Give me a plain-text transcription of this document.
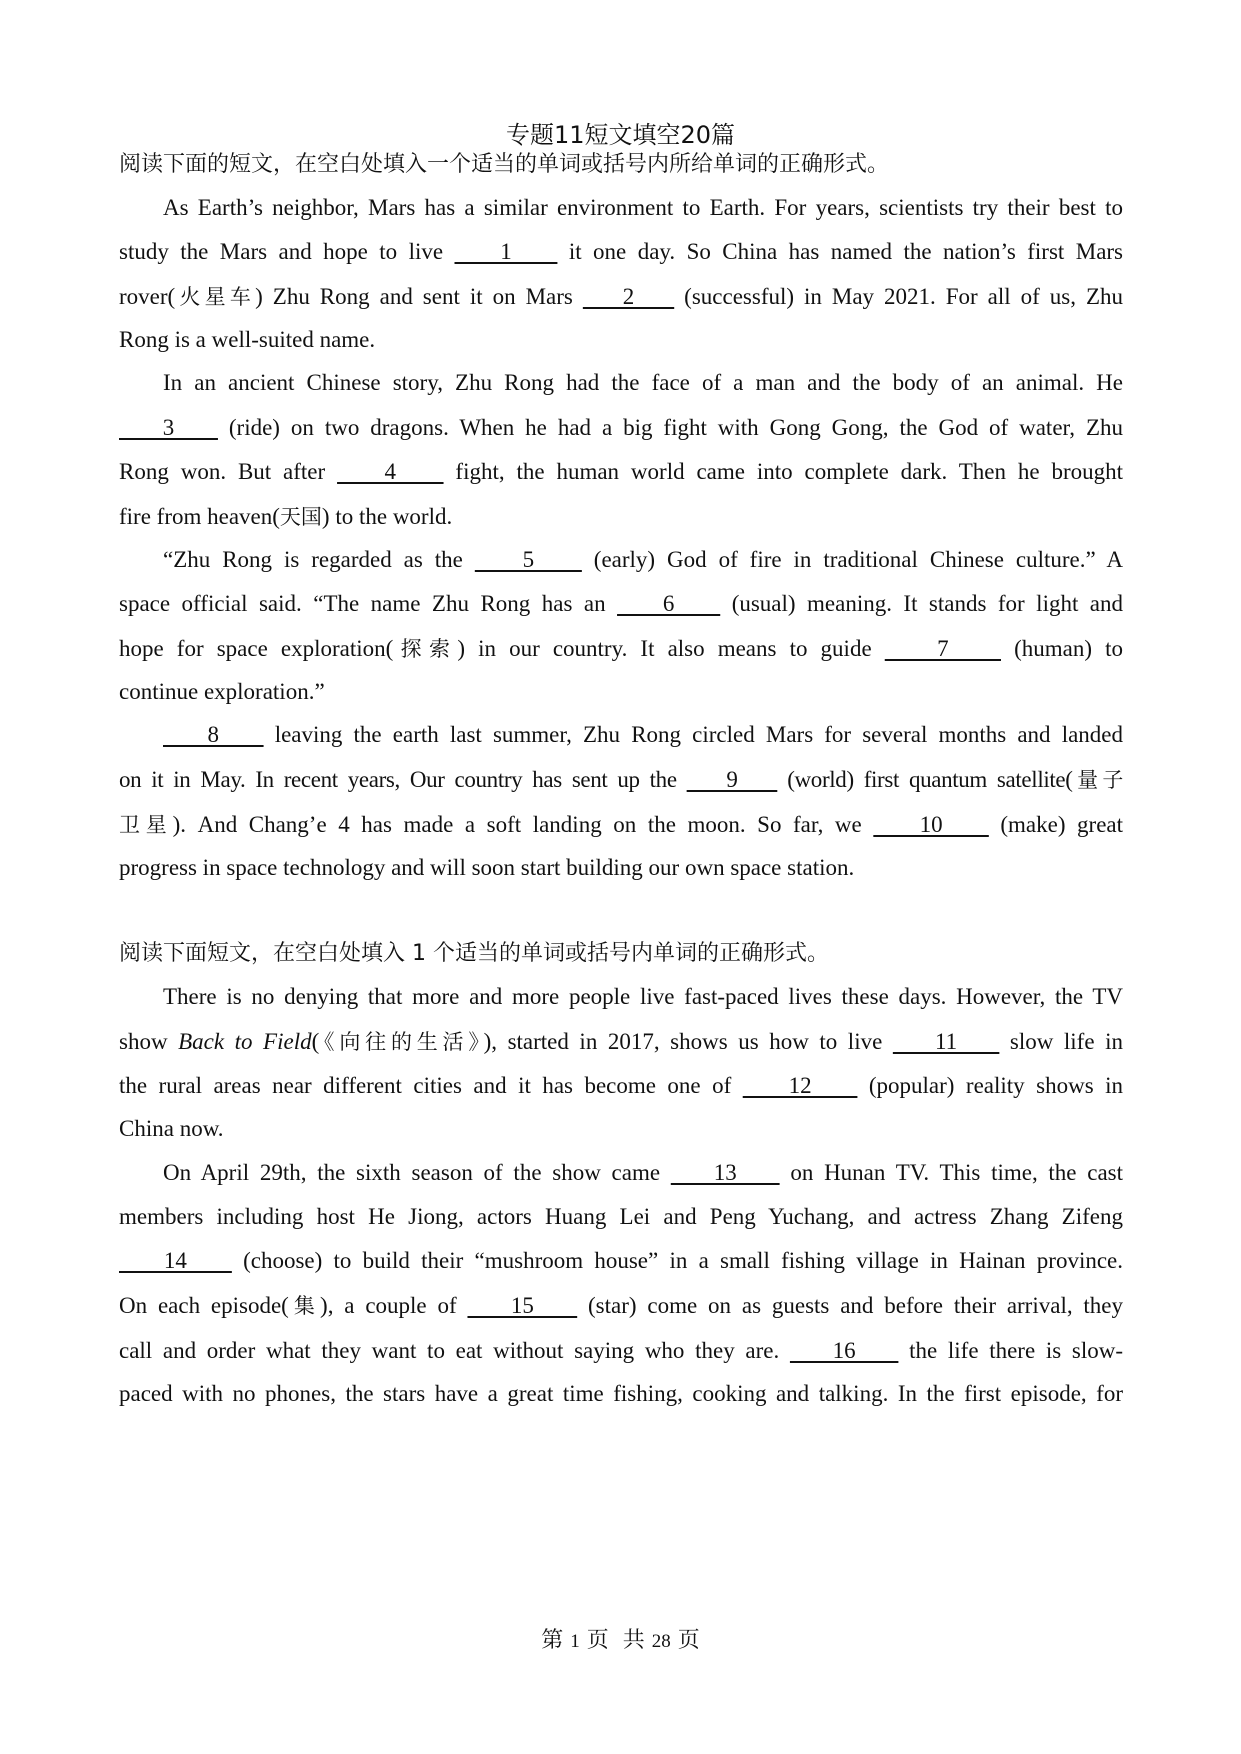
专题11短文填空20篇
阅读下面的短文，在空白处填入一个适当的单词或括号内所给单词的正确形式。
As Earth’s neighbor, Mars has a similar environment to Earth. For years, scientists try their best to
study the Mars and hope to live     1     it one day. So China has named the nation’s first Mars
rover(火星车) Zhu Rong and sent it on Mars     2     (successful) in May 2021. For all of us, Zhu
Rong is a well-suited name.
In an ancient Chinese story, Zhu Rong had the face of a man and the body of an animal. He
3     (ride) on two dragons. When he had a big fight with Gong Gong, the God of water, Zhu
Rong won. But after     4     fight, the human world came into complete dark. Then he brought
fire from heaven(天国) to the world.
“Zhu Rong is regarded as the     5     (early) God of fire in traditional Chinese culture.” A
space official said. “The name Zhu Rong has an     6     (usual) meaning. It stands for light and
hope for space exploration(探索) in our country. It also means to guide     7     (human) to
continue exploration.”
8     leaving the earth last summer, Zhu Rong circled Mars for several months and landed
on it in May. In recent years, Our country has sent up the     9     (world) first quantum satellite(量子
卫星). And Chang’e 4 has made a soft landing on the moon. So far, we     10     (make) great
progress in space technology and will soon start building our own space station.
阅读下面短文，在空白处填入 1 个适当的单词或括号内单词的正确形式。
There is no denying that more and more people live fast-paced lives these days. However, the TV
show Back to Field(《向往的生活》), started in 2017, shows us how to live     11     slow life in
the rural areas near different cities and it has become one of     12     (popular) reality shows in
China now.
On April 29th, the sixth season of the show came     13     on Hunan TV. This time, the cast
members including host He Jiong, actors Huang Lei and Peng Yuchang, and actress Zhang Zifeng
14     (choose) to build their “mushroom house” in a small fishing village in Hainan province.
On each episode(集), a couple of     15     (star) come on as guests and before their arrival, they
call and order what they want to eat without saying who they are.     16     the life there is slow-
paced with no phones, the stars have a great time fishing, cooking and talking. In the first episode, for
第 1 页  共 28 页
